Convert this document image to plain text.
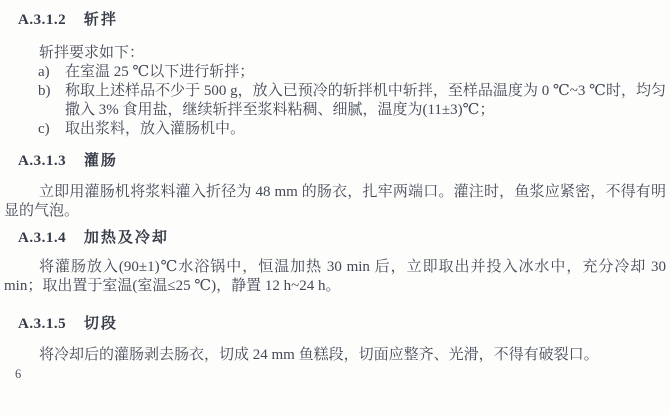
A.3.1.2 斩拌

斩拌要求如下：

a) 在室温 25 ℃以下进行斩拌；
b) 称取上述样品不少于 500 g，放入已预冷的斩拌机中斩拌，至样品温度为 0 ℃~3 ℃时，均匀撒入 3% 食用盐，继续斩拌至浆料粘稠、细腻，温度为(11±3)℃；
c) 取出浆料，放入灌肠机中。
A.3.1.3 灌肠

立即用灌肠机将浆料灌入折径为 48 mm 的肠衣，扎牢两端口。灌注时，鱼浆应紧密，不得有明显的气泡。

A.3.1.4 加热及冷却

将灌肠放入(90±1)℃水浴锅中，恒温加热 30 min 后，立即取出并投入冰水中，充分冷却 30 min；取出置于室温(室温≤25 ℃)，静置 12 h~24 h。

A.3.1.5 切段

将冷却后的灌肠剥去肠衣，切成 24 mm 鱼糕段，切面应整齐、光滑，不得有破裂口。

6
